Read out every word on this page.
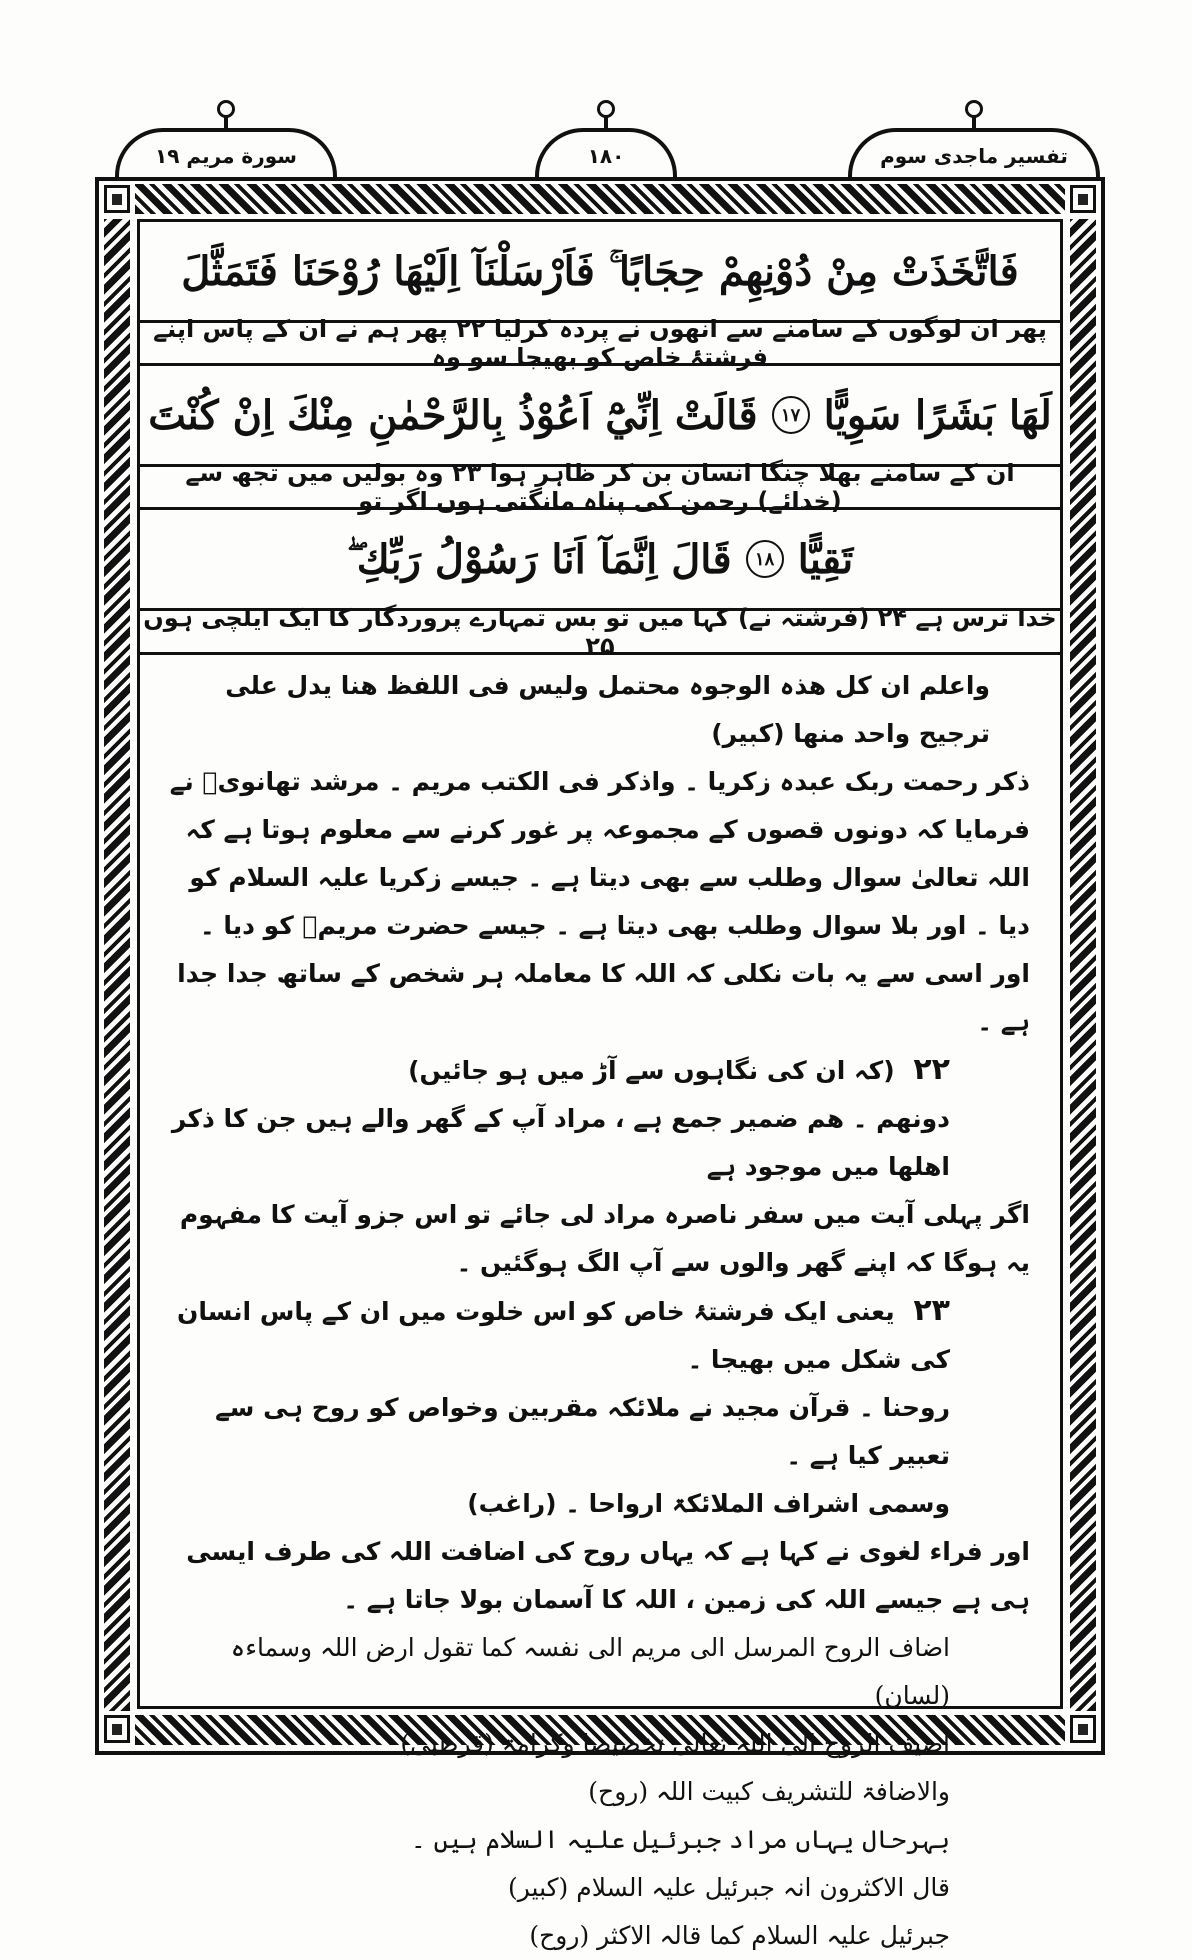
سورة مريم ١٩	١٨٠	تفسیر ماجدی سوم
فَاتَّخَذَتْ مِنْ دُوْنِهِمْ حِجَابًا ۚ فَاَرْسَلْنَآ اِلَيْهَا رُوْحَنَا فَتَمَثَّلَ
پھر ان لوگوں کے سامنے سے انھوں نے پردہ کرلیا ۲۲ پھر ہم نے ان کے پاس اپنے فرشتۂ خاص کو بھیجا سو وہ
لَهَا بَشَرًا سَوِيًّا
١٧
قَالَتْ اِنِّيْٓ اَعُوْذُ بِالرَّحْمٰنِ مِنْكَ اِنْ كُنْتَ
ان کے سامنے بھلا چنگا انسان بن کر ظاہر ہوا ۲۳ وہ بولیں میں تجھ سے (خدائے) رحمن کی پناہ مانگتی ہوں اگر تو
تَقِيًّا
١٨
قَالَ اِنَّمَآ اَنَا رَسُوْلُ رَبِّكِ ۖ
خدا ترس ہے ۲۴ (فرشتہ نے) کہا میں تو بس تمہارے پروردگار کا ایک ایلچی ہوں ۲۵

واعلم ان کل ھذہ الوجوہ محتمل ولیس فی اللفظ ھنا یدل علی ترجیح واحد منھا (کبیر)

ذکر رحمت ربک عبدہ زکریا ۔ واذکر فی الکتب مریم ۔ مرشد تھانویؒ نے فرمایا کہ دونوں قصوں کے مجموعہ پر غور کرنے سے معلوم ہوتا ہے کہ اللہ تعالیٰ سوال وطلب سے بھی دیتا ہے ۔ جیسے زکریا علیہ السلام کو دیا ۔ اور بلا سوال وطلب بھی دیتا ہے ۔ جیسے حضرت مریمؑ کو دیا ۔ اور اسی سے یہ بات نکلی کہ اللہ کا معاملہ ہر شخص کے ساتھ جدا جدا ہے ۔

۲۲ (کہ ان کی نگاہوں سے آڑ میں ہو جائیں)

دونھم ۔ ھم ضمیر جمع ہے ، مراد آپ کے گھر والے ہیں جن کا ذکر اھلھا میں موجود ہے

اگر پہلی آیت میں سفر ناصرہ مراد لی جائے تو اس جزو آیت کا مفہوم یہ ہوگا کہ اپنے گھر والوں سے آپ الگ ہوگئیں ۔

۲۳ یعنی ایک فرشتۂ خاص کو اس خلوت میں ان کے پاس انسان کی شکل میں بھیجا ۔

روحنا ۔ قرآن مجید نے ملائکہ مقربین وخواص کو روح ہی سے تعبیر کیا ہے ۔

وسمی اشراف الملائکۃ ارواحا ۔ (راغب)

اور فراء لغوی نے کہا ہے کہ یہاں روح کی اضافت اللہ کی طرف ایسی ہی ہے جیسے اللہ کی زمین ، اللہ کا آسمان بولا جاتا ہے ۔

اضاف الروح المرسل الی مریم الی نفسہ کما تقول ارض اللہ وسماءہ (لسان)

اضیف الروح الی اللہ تعالی تخصیصا وکرامۃ (قرطبی)

والاضافۃ للتشریف کبیت اللہ (روح)

بہرحال یہاں مراد جبرئیل علیہ السلام ہیں ۔

قال الاکثرون انہ جبرئیل علیہ السلام (کبیر)

جبرئیل علیہ السلام کما قالہ الاکثر (روح)
